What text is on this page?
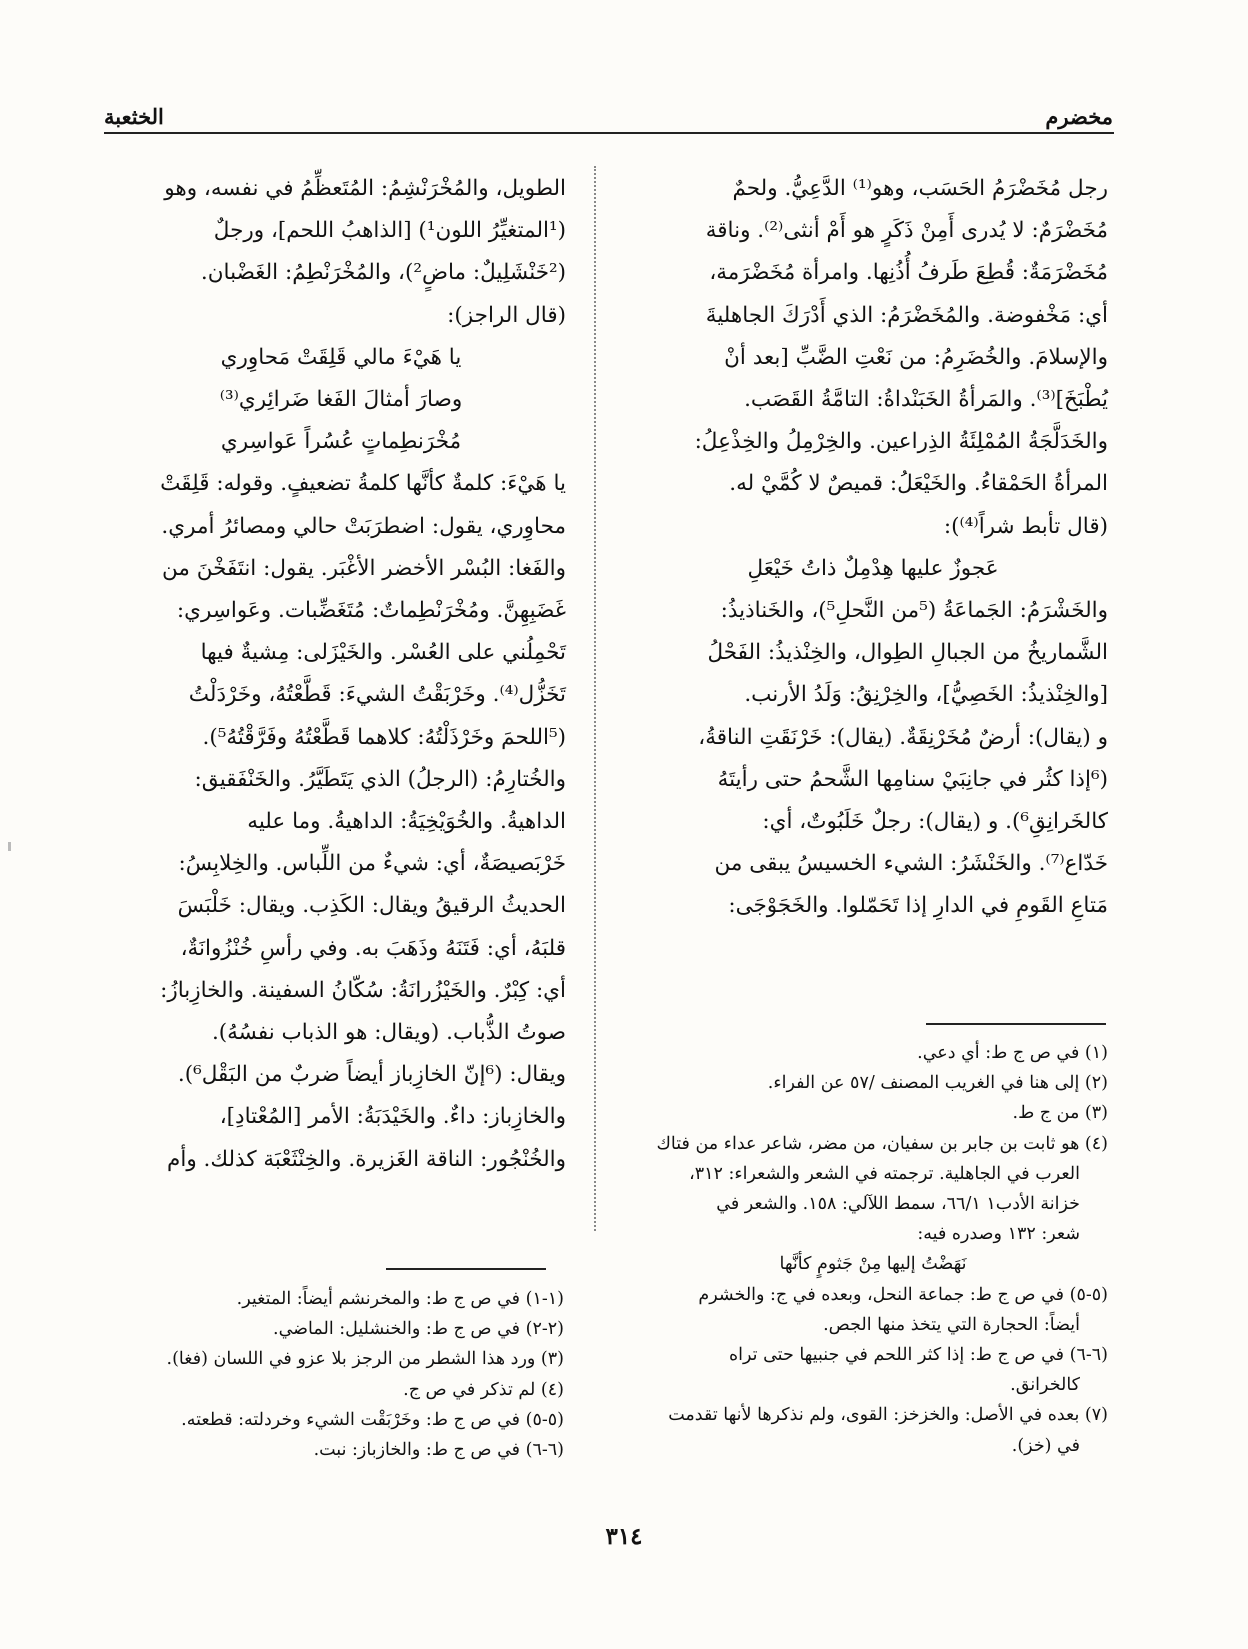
مخضرم
الخثعبة

رجل مُخَضْرَمُ الحَسَب، وهو⁽¹⁾ الدَّعِيُّ. ولحمٌ

مُخَضْرَمٌ: لا يُدرى أَمِنْ ذَكَرٍ هو أَمْ أنثى⁽²⁾. وناقة

مُخَضْرَمَةٌ: قُطِعَ طَرفُ أُذُنِها. وامرأة مُخَضْرَمة،

أي: مَخْفوضة. والمُخَضْرَمُ: الذي أَدْرَكَ الجاهليةَ

والإسلامَ. والخُضَرِمُ: من نَعْتِ الضَّبِّ [بعد أنْ

يُطْبَخَ]⁽³⁾. والمَرأةُ الخَبَنْداةُ: التامَّةُ القَصَب.

والخَدَلَّجَةُ المُمْلِئَةُ الذِراعين. والخِرْمِلُ والخِذْعِلُ:

المرأةُ الحَمْقاءُ. والخَيْعَلُ: قميصٌ لا كُمَّيْ له.

(قال تأبط شراً⁽⁴⁾):

عَجوزٌ عليها هِدْمِلٌ ذاتُ خَيْعَلِ

والخَشْرَمُ: الجَماعَةُ (⁵من النَّحلِ⁵)، والخَناذيذُ:

الشَّماريخُ من الجبالِ الطِوال، والخِنْذيذُ: الفَحْلُ

[والخِنْذيذُ: الخَصِيُّ]، والخِرْنِقُ: وَلَدُ الأرنب.

و (يقال): أرضٌ مُخَرْنِقَةٌ. (يقال): خَرْنَقَتِ الناقةُ،

(⁶إذا كثُر في جانِبَيْ سنامِها الشَّحمُ حتى رأيتَهُ

كالخَرانِقِ⁶). و (يقال): رجلٌ خَلَبُوتٌ، أي:

خَدّاع⁽⁷⁾. والخَنْشَرُ: الشيء الخسيسُ يبقى من

مَتاعِ القَومِ في الدارِ إذا تَحَمّلوا. والخَجَوْجَى:

الطويل، والمُخْرَنْشِمُ: المُتَعظِّمُ في نفسه، وهو

(¹المتغيِّرُ اللون¹) [الذاهبُ اللحم]، ورجلٌ

(²خَنْشَلِيلٌ: ماضٍ²)، والمُخْرَنْطِمُ: الغَضْبان.

(قال الراجز):

يا هَيْءَ مالي قَلِقَتْ مَحاوِري

وصارَ أمثالَ الفَغا ضَرائِري⁽³⁾

مُخْرَنطِماتٍ عُسُراً عَواسِري

يا هَيْءَ: كلمةٌ كأنَّها كلمةُ تضعيفٍ. وقوله: قَلِقَتْ

محاوِري، يقول: اضطرَبَتْ حالي ومصائرُ أمري.

والفَغا: البُسْر الأخضر الأغْبَر. يقول: انتَفَخْنَ من

غَضَبِهِنَّ. ومُخْرَنْطِماتٌ: مُتَغَضِّبات. وعَواسِري:

تَحْمِلُني على العُسْر. والخَيْزَلى: مِشيةٌ فيها

تَخَزُّل⁽⁴⁾. وخَرْبَقْتُ الشيءَ: قَطَّعْتُهُ، وخَرْدَلْتُ

(⁵اللحمَ وخَرْذَلْتُهُ: كلاهما قَطَّعْتُهُ وفَرَّقْتُهُ⁵).

والخُتارِمُ: (الرجلُ) الذي يَتَطَيَّرُ. والخَنْفَقيق:

الداهيةُ. والخُوَيْخِيَةُ: الداهيةُ. وما عليه

خَرْبَصيصَةٌ، أي: شيءٌ من اللِّباس. والخِلابِسُ:

الحديثُ الرقيقُ ويقال: الكَذِب. ويقال: خَلْبَسَ

قلبَهُ، أي: فَتَنَهُ وذَهَبَ به. وفي رأسِ خُنْزُوانَةٌ،

أي: كِبْرٌ. والخَيْزُرانَةُ: سُكّانُ السفينة. والخازِبازُ:

صوتُ الذُّباب. (ويقال: هو الذباب نفسُهُ).

ويقال: (⁶إنّ الخازِباز أيضاً ضربٌ من البَقْل⁶).

والخازِباز: داءٌ. والخَيْدَبَةُ: الأمر [المُعْتادِ]،

والخُنْجُور: الناقة الغَزيرة. والخِنْثَعْبَة كذلك. وأم

(١) في ص ج ط: أي دعي.

(٢) إلى هنا في الغريب المصنف /٥٧ عن الفراء.

(٣) من ج ط.

(٤) هو ثابت بن جابر بن سفيان، من مضر، شاعر عداء من فتاك

العرب في الجاهلية. ترجمته في الشعر والشعراء: ٣١٢،

خزانة الأدب١ ٦٦/١، سمط اللآلي: ١٥٨. والشعر في

شعر: ١٣٢ وصدره فيه:

نَهَضْتُ إليها مِنْ جَثومٍ كأنَّها

(٥-٥) في ص ج ط: جماعة النحل، وبعده في ج: والخشرم

أيضاً: الحجارة التي يتخذ منها الجص.

(٦-٦) في ص ج ط: إذا كثر اللحم في جنبيها حتى تراه

كالخرانق.

(٧) بعده في الأصل: والخزخز: القوى، ولم نذكرها لأنها تقدمت

في (خز).

(١-١) في ص ج ط: والمخرنشم أيضاً: المتغير.

(٢-٢) في ص ج ط: والخنشليل: الماضي.

(٣) ورد هذا الشطر من الرجز بلا عزو في اللسان (فغا).

(٤) لم تذكر في ص ج.

(٥-٥) في ص ج ط: وخَرْبَقْت الشيء وخردلته: قطعته.

(٦-٦) في ص ج ط: والخازباز: نبت.

٣١٤
